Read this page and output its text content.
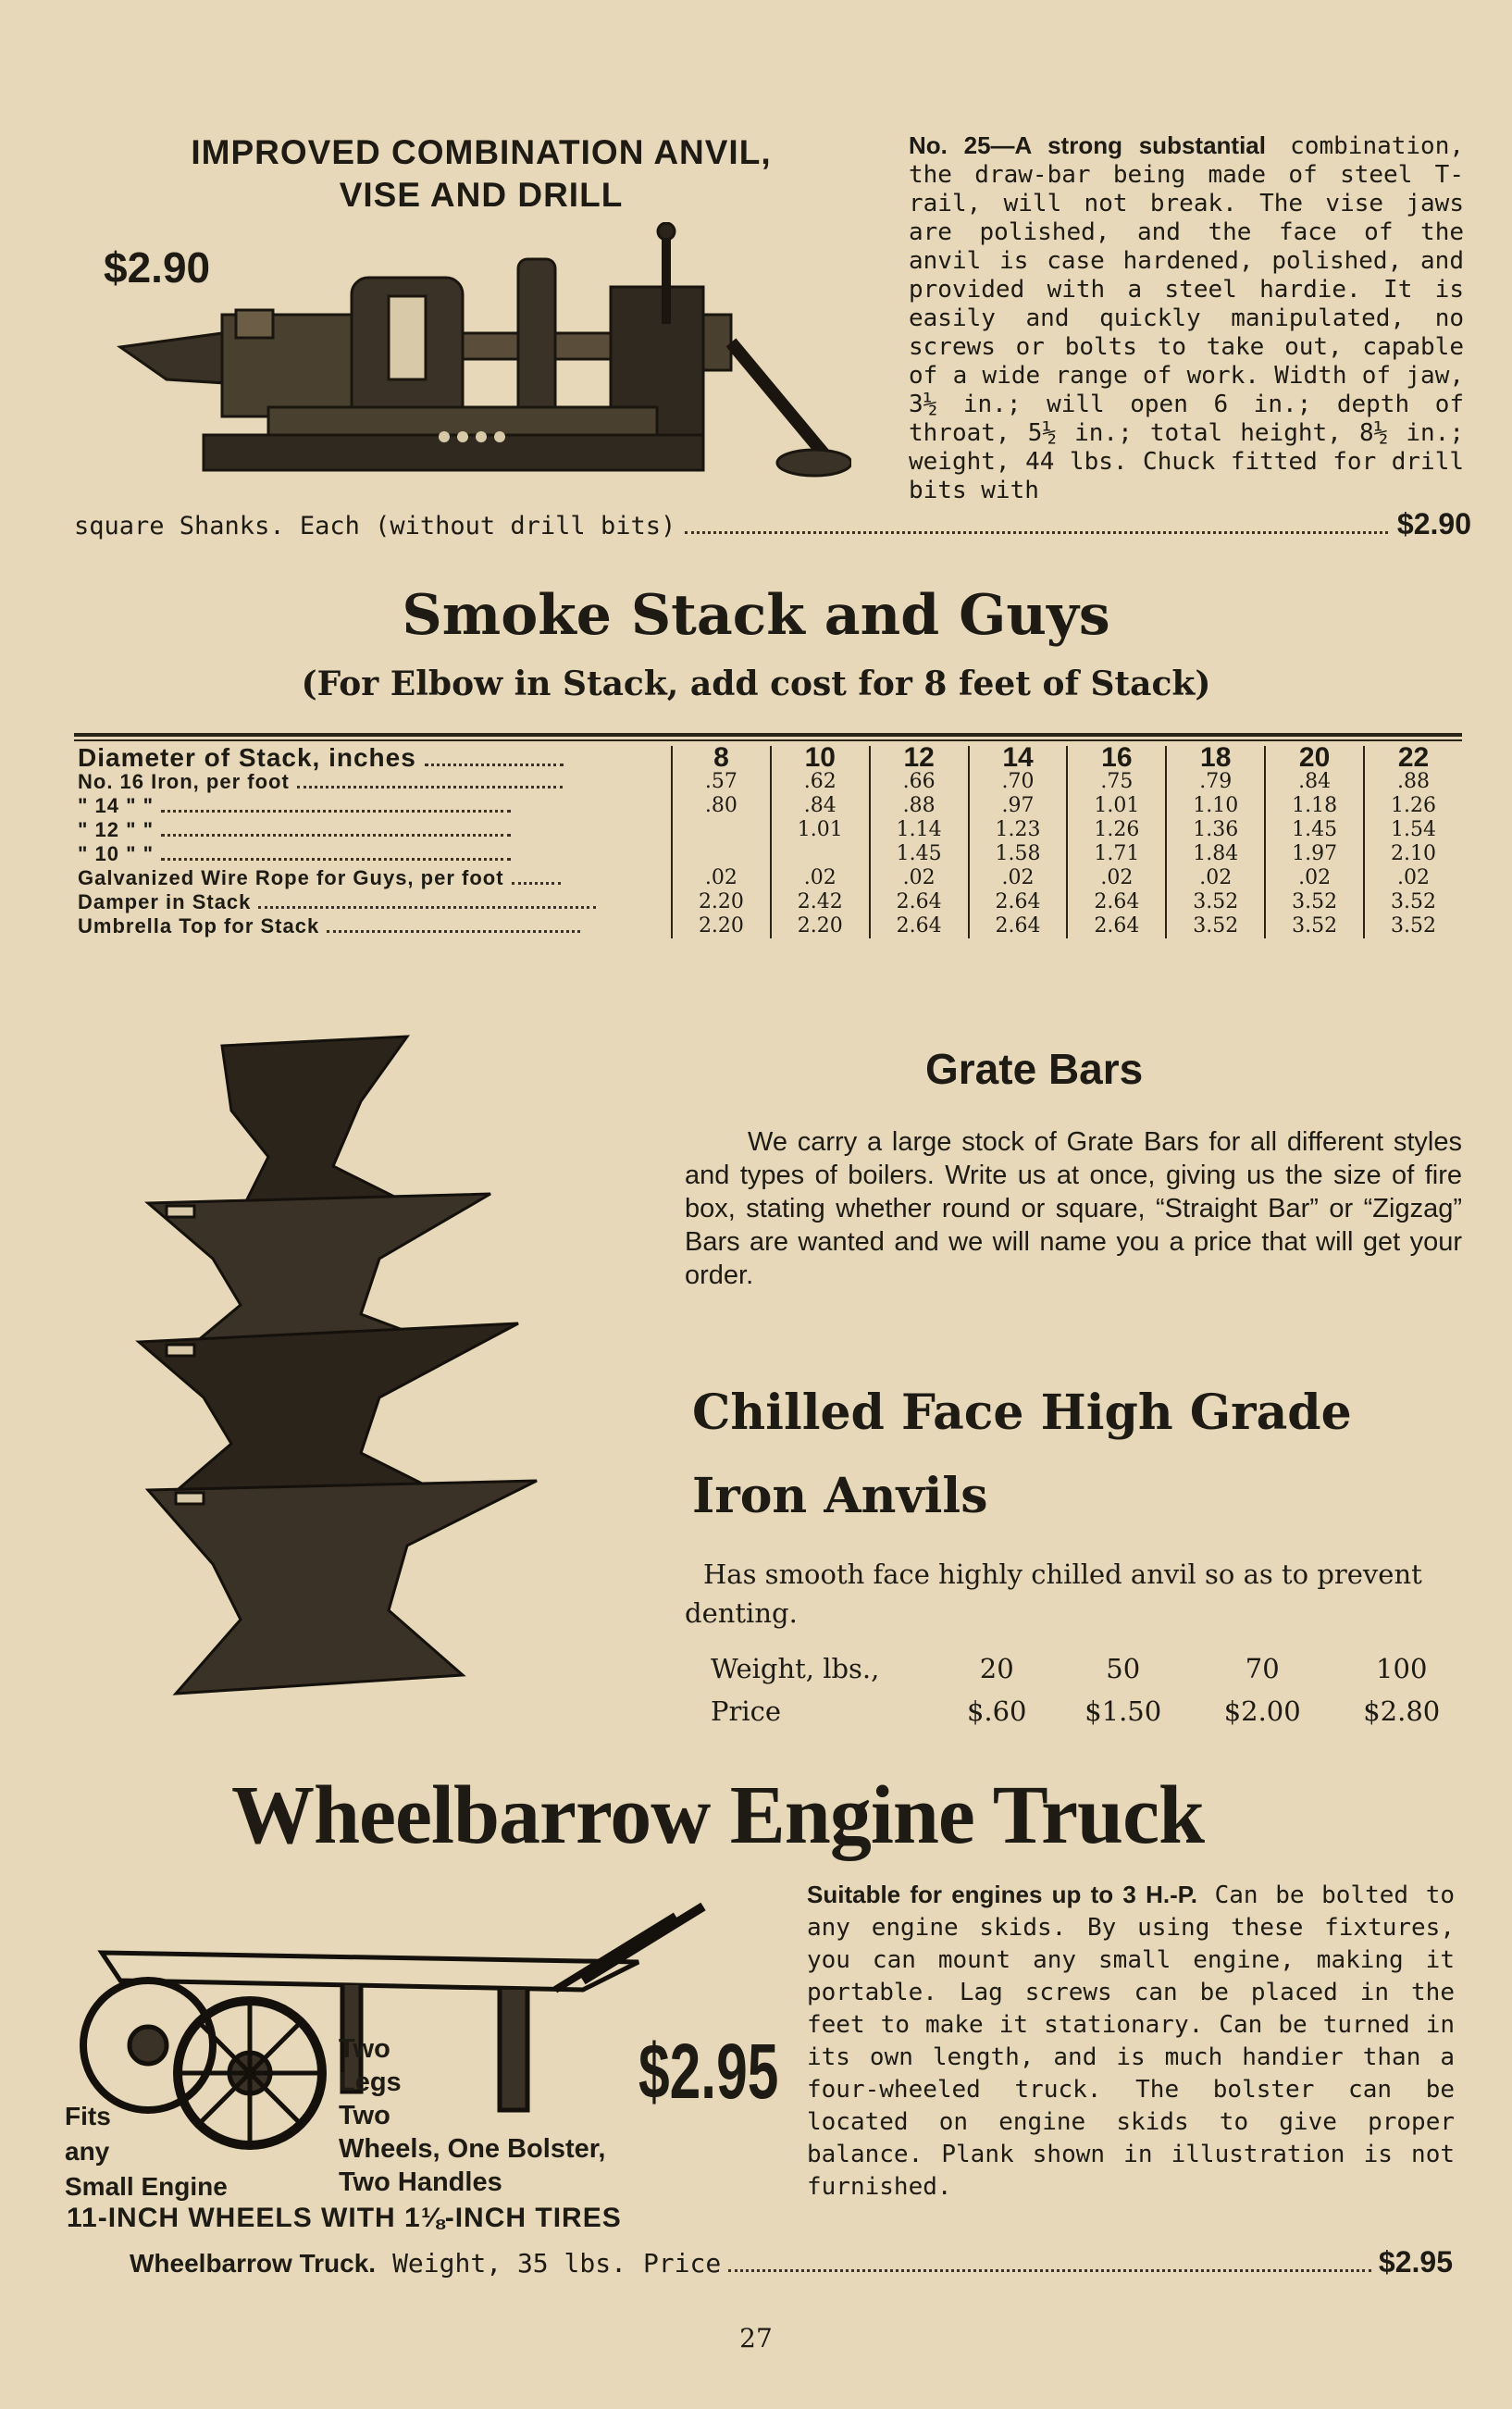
IMPROVED COMBINATION ANVIL,
VISE AND DRILL
$2.90
No. 25—A strong substantial combination, the draw-bar being made of steel T-rail, will not break. The vise jaws are polished, and the face of the anvil is case hardened, polished, and provided with a steel hardie. It is easily and quickly manipulated, no screws or bolts to take out, capable of a wide range of work. Width of jaw, 3½ in.; will open 6 in.; depth of throat, 5½ in.; total height, 8½ in.; weight, 44 lbs. Chuck fitted for drill bits with
square Shanks. Each (without drill bits)	$2.90
Smoke Stack and Guys
(For Elbow in Stack, add cost for 8 feet of Stack)
Diameter of Stack, inches	8	10	12	14	16	18	20	22
No. 16 Iron, per foot	.57	.62	.66	.70	.75	.79	.84	.88
" 14 " "	.80	.84	.88	.97	1.01	1.10	1.18	1.26
" 12 " "		1.01	1.14	1.23	1.26	1.36	1.45	1.54
" 10 " "			1.45	1.58	1.71	1.84	1.97	2.10
Galvanized Wire Rope for Guys, per foot	.02	.02	.02	.02	.02	.02	.02	.02
Damper in Stack	2.20	2.42	2.64	2.64	2.64	3.52	3.52	3.52
Umbrella Top for Stack	2.20	2.20	2.64	2.64	2.64	3.52	3.52	3.52
Grate Bars
We carry a large stock of Grate Bars for all different styles and types of boilers. Write us at once, giving us the size of fire box, stating whether round or square, “Straight Bar” or “Zigzag” Bars are wanted and we will name you a price that will get your order.
Chilled Face High Grade Iron Anvils
Has smooth face highly chilled anvil so as to prevent denting.
Weight, lbs.,	20	50	70	100
Price	$.60	$1.50	$2.00	$2.80
Wheelbarrow Engine Truck
$2.95
Two
Legs
Two
Wheels, One Bolster,
Two Handles
Fits
any
Small Engine
11-INCH WHEELS WITH 1⅛-INCH TIRES
Suitable for engines up to 3 H.-P. Can be bolted to any engine skids. By using these fixtures, you can mount any small engine, making it portable. Lag screws can be placed in the feet to make it stationary. Can be turned in its own length, and is much handier than a four-wheeled truck. The bolster can be located on engine skids to give proper balance. Plank shown in illustration is not furnished.
Wheelbarrow Truck. Weight, 35 lbs. Price	$2.95
27
